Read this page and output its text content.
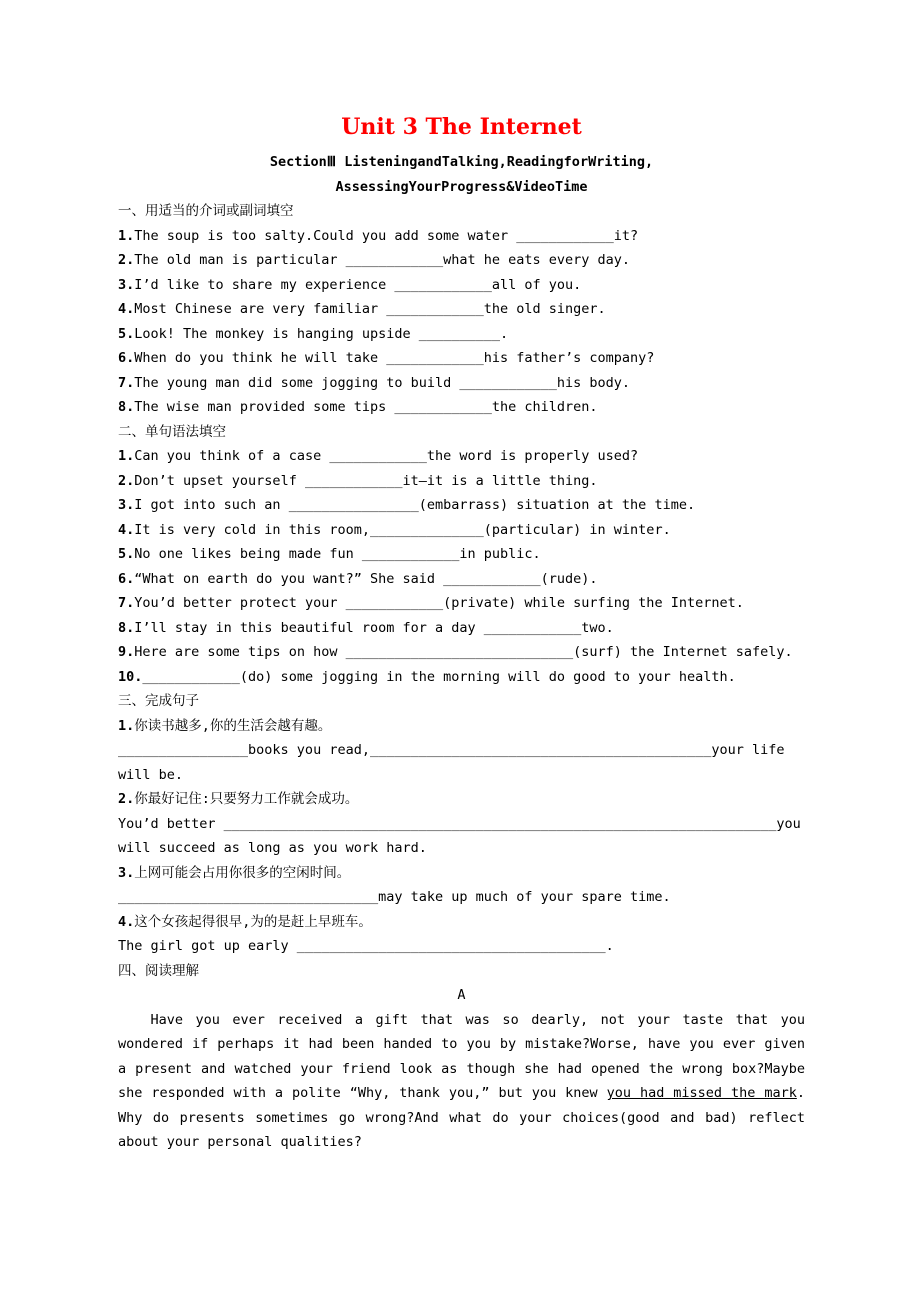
Unit 3 The Internet
SectionⅢ ListeningandTalking,ReadingforWriting,
AssessingYourProgress&VideoTime
一、用适当的介词或副词填空
1.The soup is too salty.Could you add some water ____________it?
2.The old man is particular ____________what he eats every day.
3.I’d like to share my experience ____________all of you.
4.Most Chinese are very familiar ____________the old singer.
5.Look! The monkey is hanging upside __________.
6.When do you think he will take ____________his father’s company?
7.The young man did some jogging to build ____________his body.
8.The wise man provided some tips ____________the children.
二、单句语法填空
1.Can you think of a case ____________the word is properly used?
2.Don’t upset yourself ____________it—it is a little thing.
3.I got into such an ________________(embarrass) situation at the time.
4.It is very cold in this room,______________(particular) in winter.
5.No one likes being made fun ____________in public.
6.“What on earth do you want?” She said ____________(rude).
7.You’d better protect your ____________(private) while surfing the Internet.
8.I’ll stay in this beautiful room for a day ____________two.
9.Here are some tips on how ____________________________(surf) the Internet safely.
10.____________(do) some jogging in the morning will do good to your health.
三、完成句子
1.你读书越多,你的生活会越有趣。
________________books you read,__________________________________________your life will be.
2.你最好记住:只要努力工作就会成功。
You’d better ____________________________________________________________________you will succeed as long as you work hard.
3.上网可能会占用你很多的空闲时间。
________________________________may take up much of your spare time.
4.这个女孩起得很早,为的是赶上早班车。
The girl got up early ______________________________________.
四、阅读理解
A

Have you ever received a gift that was so dearly, not your taste that you wondered if perhaps it had been handed to you by mistake?Worse, have you ever given a present and watched your friend look as though she had opened the wrong box?Maybe she responded with a polite “Why, thank you,” but you knew you had missed the mark. Why do presents sometimes go wrong?And what do your choices(good and bad) reflect about your personal qualities?
